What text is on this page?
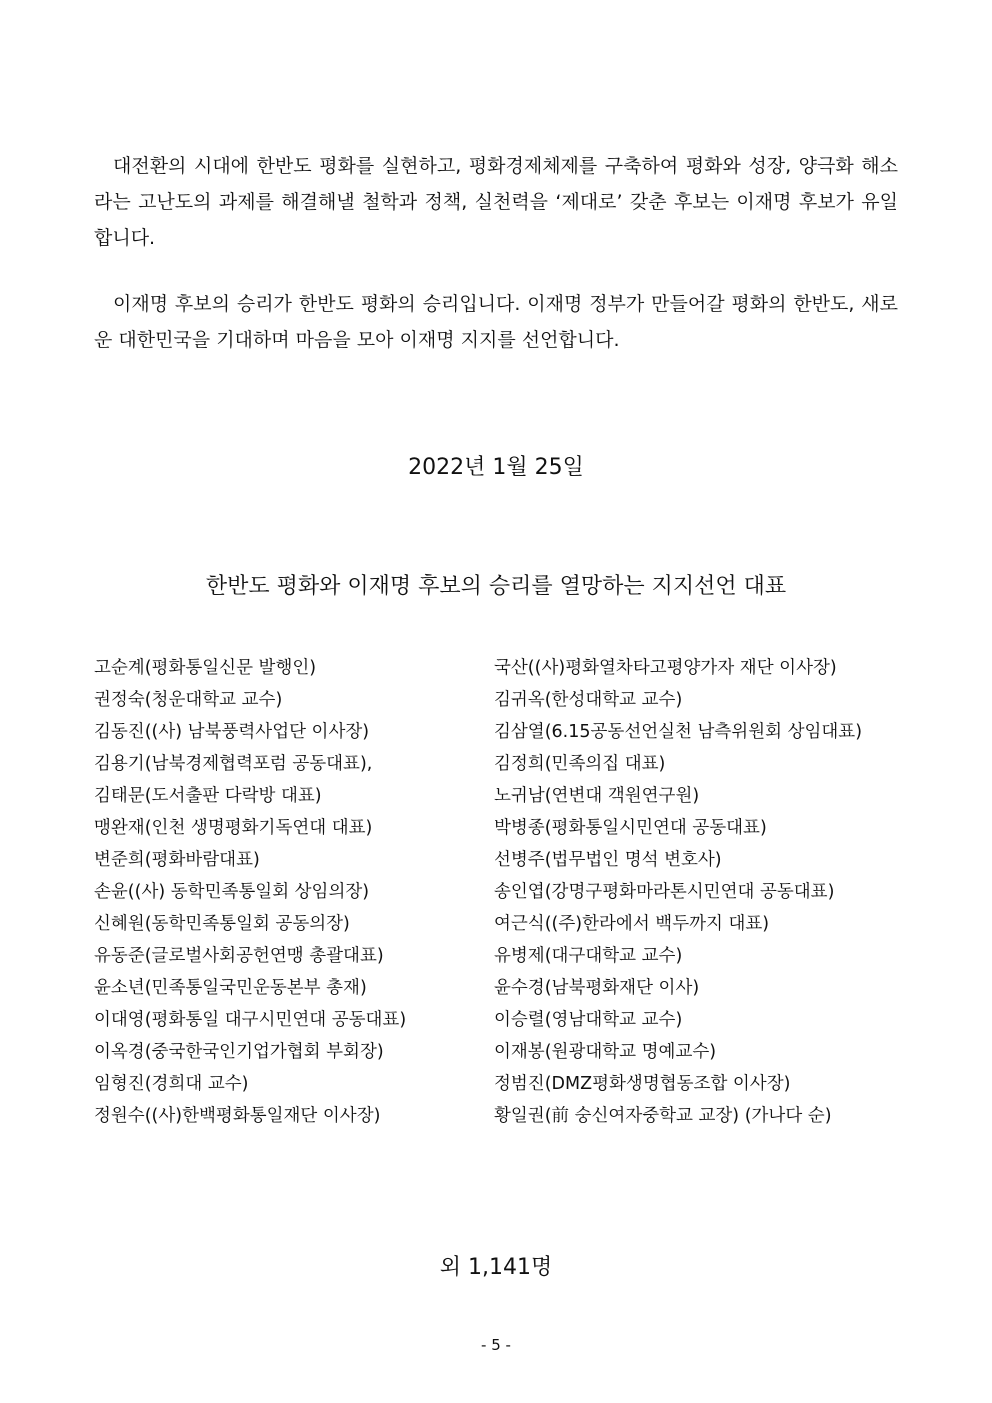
대전환의 시대에 한반도 평화를 실현하고, 평화경제체제를 구축하여 평화와 성장, 양극화 해소라는 고난도의 과제를 해결해낼 철학과 정책, 실천력을 ‘제대로’ 갖춘 후보는 이재명 후보가 유일합니다.

이재명 후보의 승리가 한반도 평화의 승리입니다. 이재명 정부가 만들어갈 평화의 한반도, 새로운 대한민국을 기대하며 마음을 모아 이재명 지지를 선언합니다.

2022년 1월 25일
한반도 평화와 이재명 후보의 승리를 열망하는 지지선언 대표
고순계(평화통일신문 발행인)
권정숙(청운대학교 교수)
김동진((사) 남북풍력사업단 이사장)
김용기(남북경제협력포럼 공동대표),
김태문(도서출판 다락방 대표)
맹완재(인천 생명평화기독연대 대표)
변준희(평화바람대표)
손윤((사) 동학민족통일회 상임의장)
신혜원(동학민족통일회 공동의장)
유동준(글로벌사회공헌연맹 총괄대표)
윤소년(민족통일국민운동본부 총재)
이대영(평화통일 대구시민연대 공동대표)
이옥경(중국한국인기업가협회 부회장)
임형진(경희대 교수)
정원수((사)한백평화통일재단 이사장)
국산((사)평화열차타고평양가자 재단 이사장)
김귀옥(한성대학교 교수)
김삼열(6.15공동선언실천 남측위원회 상임대표)
김정희(민족의집 대표)
노귀남(연변대 객원연구원)
박병종(평화통일시민연대 공동대표)
선병주(법무법인 명석 변호사)
송인엽(강명구평화마라톤시민연대 공동대표)
여근식((주)한라에서 백두까지 대표)
유병제(대구대학교 교수)
윤수경(남북평화재단 이사)
이승렬(영남대학교 교수)
이재봉(원광대학교 명예교수)
정범진(DMZ평화생명협동조합 이사장)
황일권(前 숭신여자중학교 교장) (가나다 순)
외 1,141명
- 5 -
